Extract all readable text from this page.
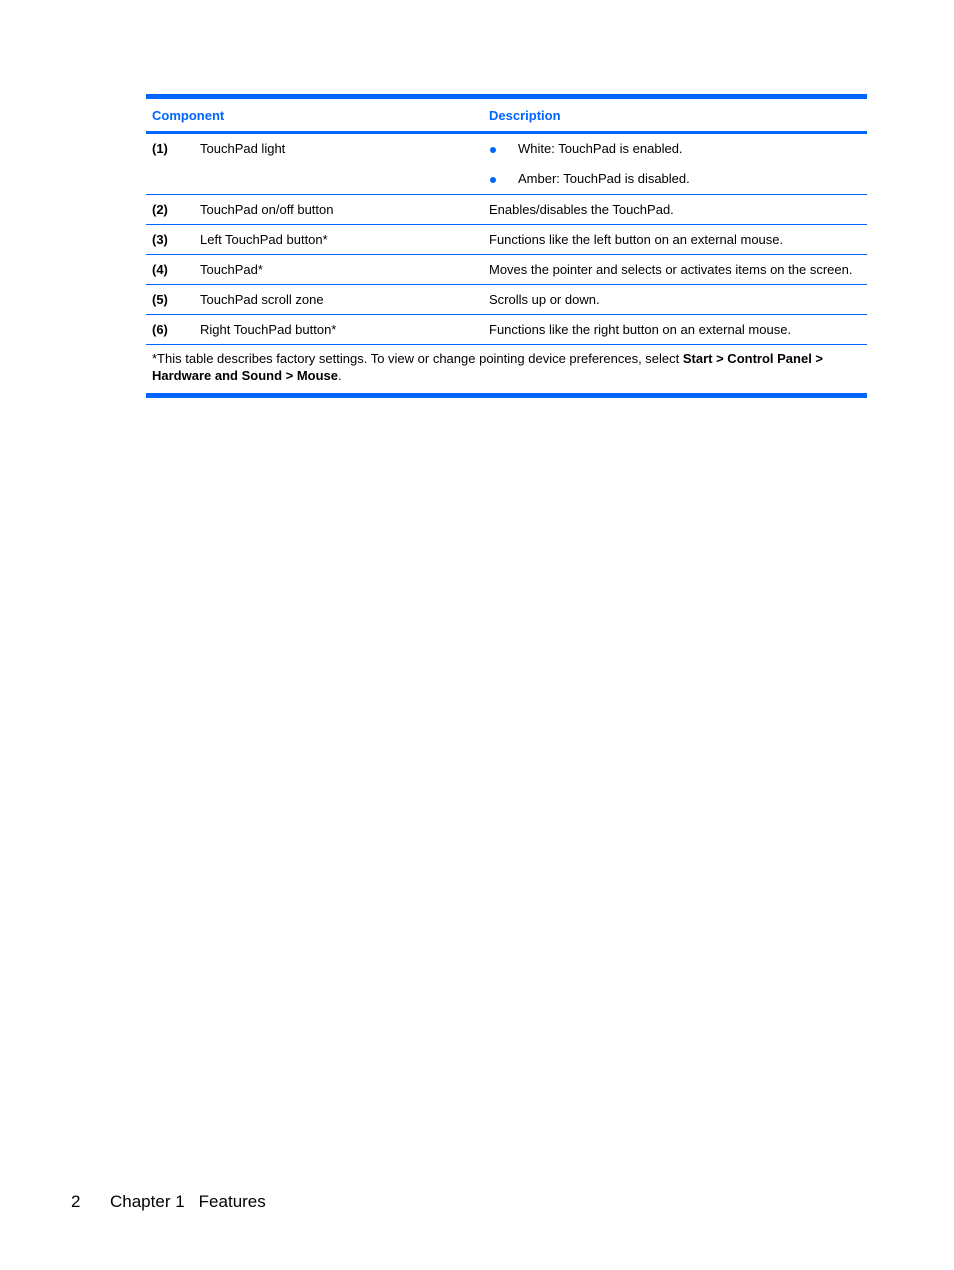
Component	Description
(1)	TouchPad light	White: TouchPad is enabled.
Amber: TouchPad is disabled.
(2)	TouchPad on/off button	Enables/disables the TouchPad.
(3)	Left TouchPad button*	Functions like the left button on an external mouse.
(4)	TouchPad*	Moves the pointer and selects or activates items on the screen.
(5)	TouchPad scroll zone	Scrolls up or down.
(6)	Right TouchPad button*	Functions like the right button on an external mouse.
*This table describes factory settings. To view or change pointing device preferences, select Start > Control Panel > Hardware and Sound > Mouse.
2	Chapter 1 Features
